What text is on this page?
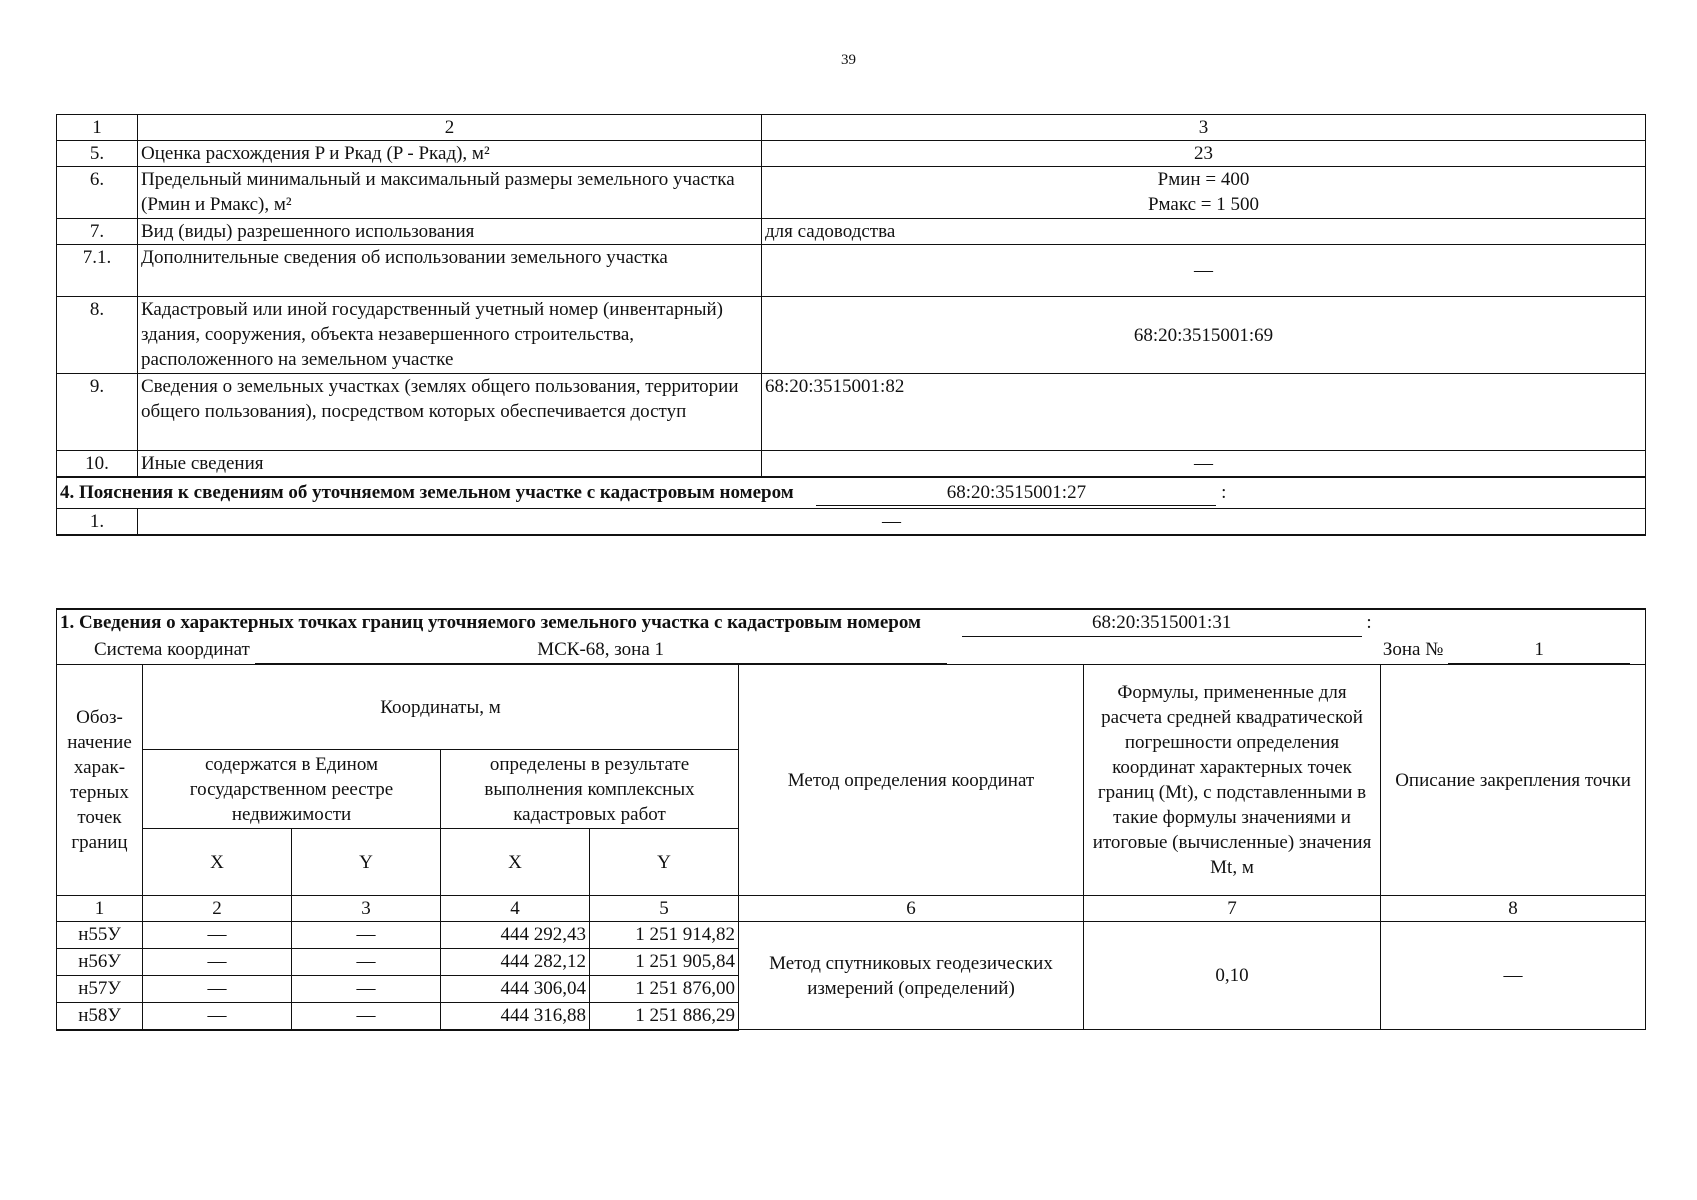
39
1	2	3
5.	Оценка расхождения P и Ркад (P - Ркад), м²	23
6.	Предельный минимальный и максимальный размеры земельного участка (Рмин и Рмакс), м²	Рмин = 400
Рмакс = 1 500

7.	Вид (виды) разрешенного использования	для садоводства
7.1.	Дополнительные сведения об использовании земельного участка	—
8.	Кадастровый или иной государственный учетный номер (инвентарный) здания, сооружения, объекта незавершенного строительства, расположенного на земельном участке	68:20:3515001:69
9.	Сведения о земельных участках (землях общего пользования, территории общего пользования), посредством которых обеспечивается доступ	68:20:3515001:82
10.	Иные сведения	—
4. Пояснения к сведениям об уточняемом земельном участке с кадастровым номером 68:20:3515001:27 :		
1.	—	
1. Сведения о характерных точках границ уточняемого земельного участка с кадастровым номером 68:20:3515001:31 :
Система координат МСК-68, зона 1 Зона № 1							

Обоз-начение харак-терных точек границ	Координаты, м				Метод определения координат	Формулы, примененные для расчета средней квадратической погрешности определения координат характерных точек границ (Mt), с подставленными в такие формулы значениями и итоговые (вычисленные) значения Mt, м	Описание закрепления точки
	содержатся в Едином государственном реестре недвижимости		определены в результате выполнения комплексных кадастровых работ				
	X	Y	X	Y			
1	2	3	4	5	6	7	8
н55У	—	—	444 292,43	1 251 914,82	Метод спутниковых геодезических измерений (определений)	0,10	—
н56У	—	—	444 282,12	1 251 905,84			
н57У	—	—	444 306,04	1 251 876,00			
н58У	—	—	444 316,88	1 251 886,29			
